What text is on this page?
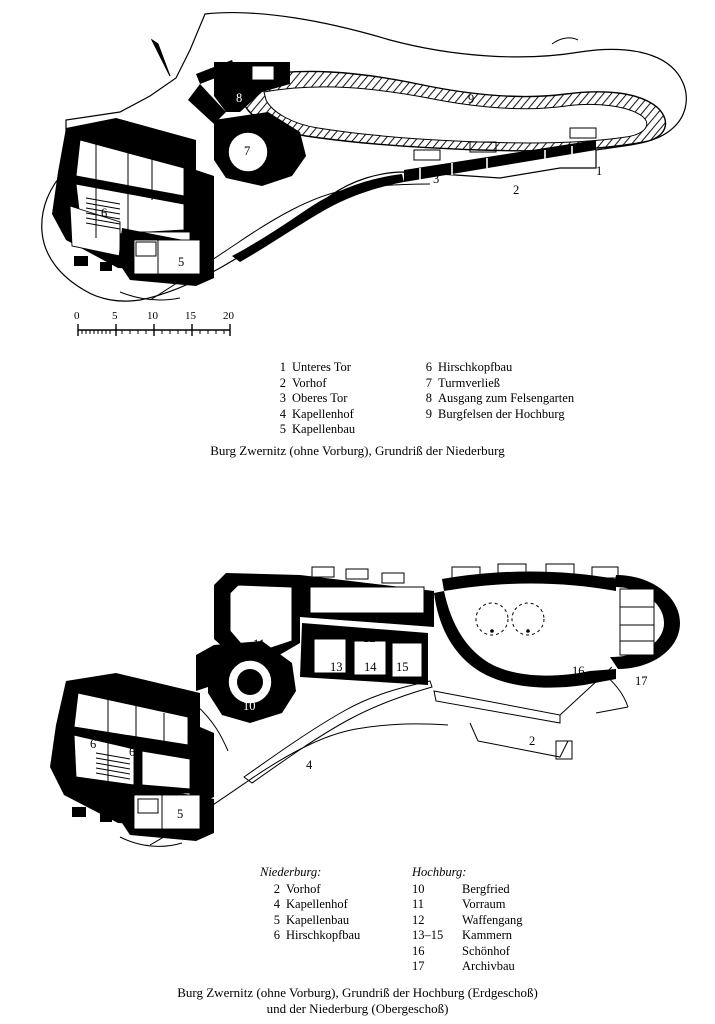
1
2
3
4
5
6
7
8	9
0	5	10 15 20
1 Unteres Tor
2 Vorhof
3 Oberes Tor
4 Kapellenhof
5 Kapellenbau
6 Hirschkopfbau
7 Turmverließ
8 Ausgang zum Felsengarten
9 Burgfelsen der Hochburg
Burg Zwernitz (ohne Vorburg), Grundriß der Niederburg
2
4
5
6
6
10
11	12
13 14 15	16
17
Niederburg:
2 Vorhof
4 Kapellenhof
5 Kapellenbau
6 Hirschkopfbau
Hochburg:
10	Bergfried
11	Vorraum
12	Waffengang
13–15	Kammern
16	Schönhof
17	Archivbau
Burg Zwernitz (ohne Vorburg), Grundriß der Hochburg (Erdgeschoß)
und der Niederburg (Obergeschoß)
